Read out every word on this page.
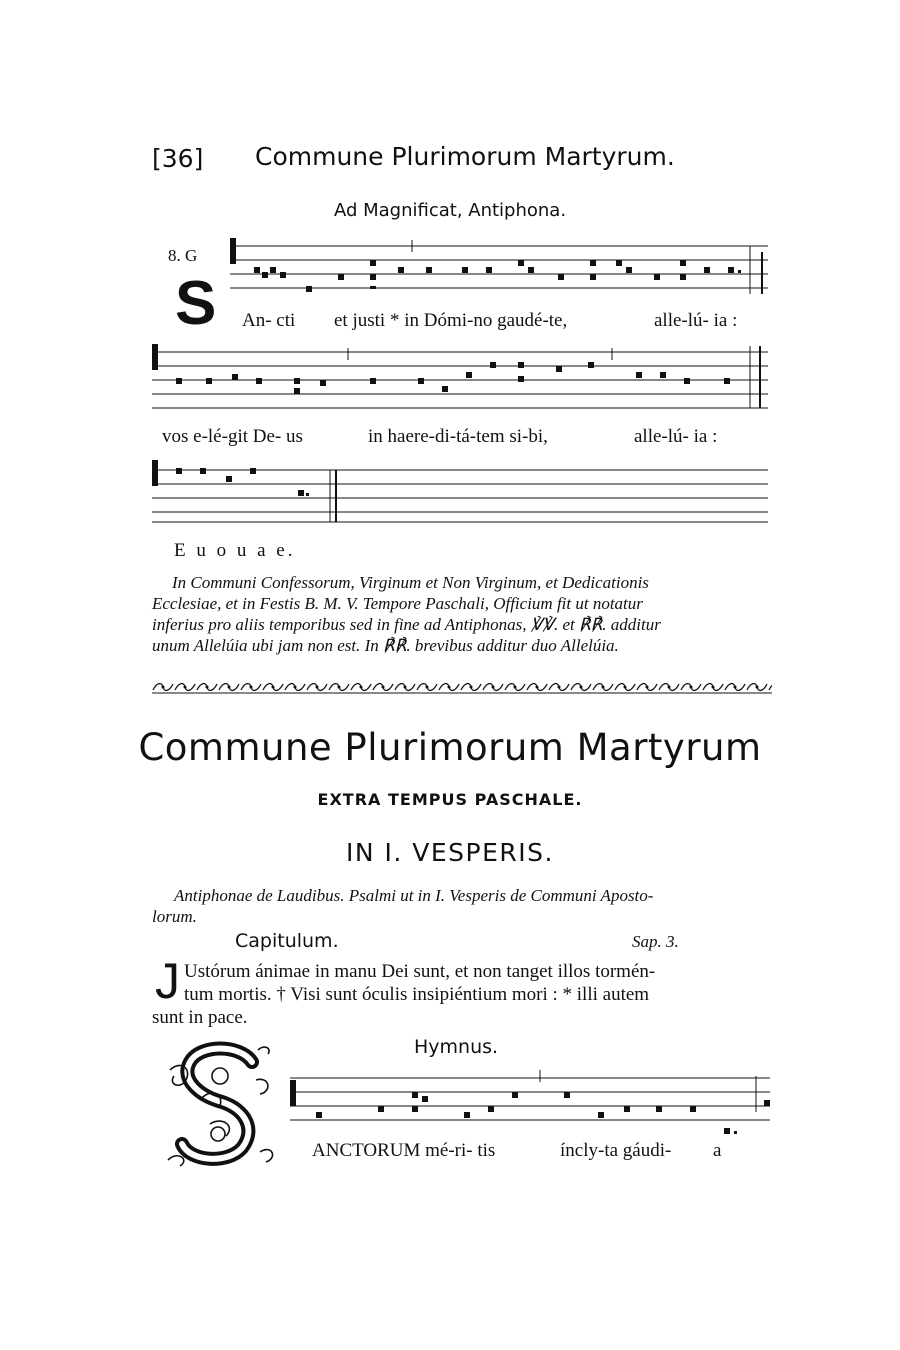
[36] Commune Plurimorum Martyrum.
Ad Magnificat, Antiphona.
8. G
S An- cti et justi * in Dómi-no gaudé-te,	alle-lú- ia :
vos e-lé-git De- us	in haere-di-tá-tem si-bi,	alle-lú- ia :
E u o u a e.
In Communi Confessorum, Virginum et Non Virginum, et Dedicationis
Ecclesiae, et in Festis B. M. V. Tempore Paschali, Officium fit ut notatur
inferius pro aliis temporibus sed in fine ad Antiphonas, ℣℣. et ℟℟. additur
unum Allelúia ubi jam non est. In ℟℟. brevibus additur duo Allelúia.
Commune Plurimorum Martyrum
EXTRA TEMPUS PASCHALE.
IN I. VESPERIS.
Antiphonae de Laudibus. Psalmi ut in I. Vesperis de Communi Aposto-
lorum.
Capitulum.	Sap. 3.
J Ustórum ánimae in manu Dei sunt, et non tanget illos tormén-
tum mortis. † Visi sunt óculis insipiéntium mori : * illi autem
sunt in pace.
Hymnus.
ANCTORUM mé-ri- tis	íncly-ta gáudi- a
